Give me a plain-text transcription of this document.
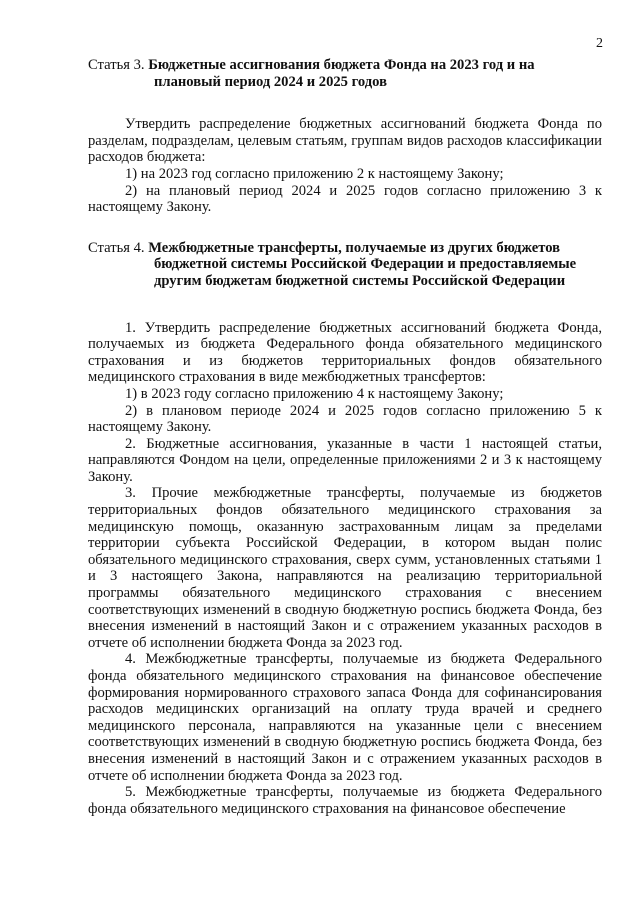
2
Статья 3. Бюджетные ассигнования бюджета Фонда на 2023 год и на плановый период 2024 и 2025 годов

Утвердить распределение бюджетных ассигнований бюджета Фонда по разделам, подразделам, целевым статьям, группам видов расходов классификации расходов бюджета:

1) на 2023 год согласно приложению 2 к настоящему Закону;

2) на плановый период 2024 и 2025 годов согласно приложению 3 к настоящему Закону.

Статья 4. Межбюджетные трансферты, получаемые из других бюджетов бюджетной системы Российской Федерации и предоставляемые другим бюджетам бюджетной системы Российской Федерации

1. Утвердить распределение бюджетных ассигнований бюджета Фонда, получаемых из бюджета Федерального фонда обязательного медицинского страхования и из бюджетов территориальных фондов обязательного медицинского страхования в виде межбюджетных трансфертов:

1) в 2023 году согласно приложению 4 к настоящему Закону;

2) в плановом периоде 2024 и 2025 годов согласно приложению 5 к настоящему Закону.

2. Бюджетные ассигнования, указанные в части 1 настоящей статьи, направляются Фондом на цели, определенные приложениями 2 и 3 к настоящему Закону.

3. Прочие межбюджетные трансферты, получаемые из бюджетов территориальных фондов обязательного медицинского страхования за медицинскую помощь, оказанную застрахованным лицам за пределами территории субъекта Российской Федерации, в котором выдан полис обязательного медицинского страхования, сверх сумм, установленных статьями 1 и 3 настоящего Закона, направляются на реализацию территориальной программы обязательного медицинского страхования с внесением соответствующих изменений в сводную бюджетную роспись бюджета Фонда, без внесения изменений в настоящий Закон и с отражением указанных расходов в отчете об исполнении бюджета Фонда за 2023 год.

4. Межбюджетные трансферты, получаемые из бюджета Федерального фонда обязательного медицинского страхования на финансовое обеспечение формирования нормированного страхового запаса Фонда для софинансирования расходов медицинских организаций на оплату труда врачей и среднего медицинского персонала, направляются на указанные цели с внесением соответствующих изменений в сводную бюджетную роспись бюджета Фонда, без внесения изменений в настоящий Закон и с отражением указанных расходов в отчете об исполнении бюджета Фонда за 2023 год.

5. Межбюджетные трансферты, получаемые из бюджета Федерального фонда обязательного медицинского страхования на финансовое обеспечение
